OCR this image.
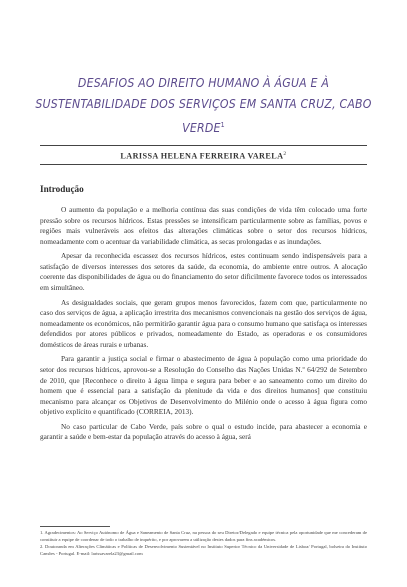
DESAFIOS AO DIREITO HUMANO À ÁGUA E À SUSTENTABILIDADE DOS SERVIÇOS EM SANTA CRUZ, CABO VERDE$^1$
LARISSA HELENA FERREIRA VARELA$^2$
Introdução

O aumento da população e a melhoria contínua das suas condições de vida têm colocado uma forte pressão sobre os recursos hídricos. Estas pressões se intensificam particularmente sobre as famílias, povos e regiões mais vulneráveis aos efeitos das alterações climáticas sobre o setor dos recursos hídricos, nomeadamente com o acentuar da variabilidade climática, as secas prolongadas e as inundações.

Apesar da reconhecida escassez dos recursos hídricos, estes continuam sendo indispensáveis para a satisfação de diversos interesses dos setores da saúde, da economia, do ambiente entre outros. A alocação coerente das disponibilidades de água ou do financiamento do setor dificilmente favorece todos os interessados em simultâneo.

As desigualdades sociais, que geram grupos menos favorecidos, fazem com que, particularmente no caso dos serviços de água, a aplicação irrestrita dos mecanismos convencionais na gestão dos serviços de água, nomeadamente os económicos, não permitirão garantir água para o consumo humano que satisfaça os interesses defendidos por atores públicos e privados, nomeadamente do Estado, as operadoras e os consumidores domésticos de áreas rurais e urbanas.

Para garantir a justiça social e firmar o abastecimento de água à população como uma prioridade do setor dos recursos hídricos, aprovou-se a Resolução do Conselho das Nações Unidas N.º 64/292 de Setembro de 2010, que [Reconhece o direito à água limpa e segura para beber e ao saneamento como um direito do homem que é essencial para a satisfação da plenitude da vida e dos direitos humanos] que constituiu mecanismo para alcançar os Objetivos de Desenvolvimento do Milénio onde o acesso à água figura como objetivo explícito e quantificado (CORREIA, 2013).

No caso particular de Cabo Verde, país sobre o qual o estudo incide, para abastecer a economia e garantir a saúde e bem-estar da população através do acesso à água, será

1. Agradecimentos: Ao Serviço Autónomo de Água e Saneamento de Santa Cruz, na pessoa do seu Diretor/Delegado e equipe técnica pela oportunidade que me concederam de constituir a equipe de coordenar de todo o trabalho de inquérito, e por aprovarem a utilização destes dados para fins académicos.

2. Doutoranda em Alterações Climáticas e Políticas de Desenvolvimento Sustentável no Instituto Superior Técnico da Universidade de Lisboa/ Portugal, bolseira do Instituto Camões - Portugal. E-mail: larissavarela23@gmail.com
